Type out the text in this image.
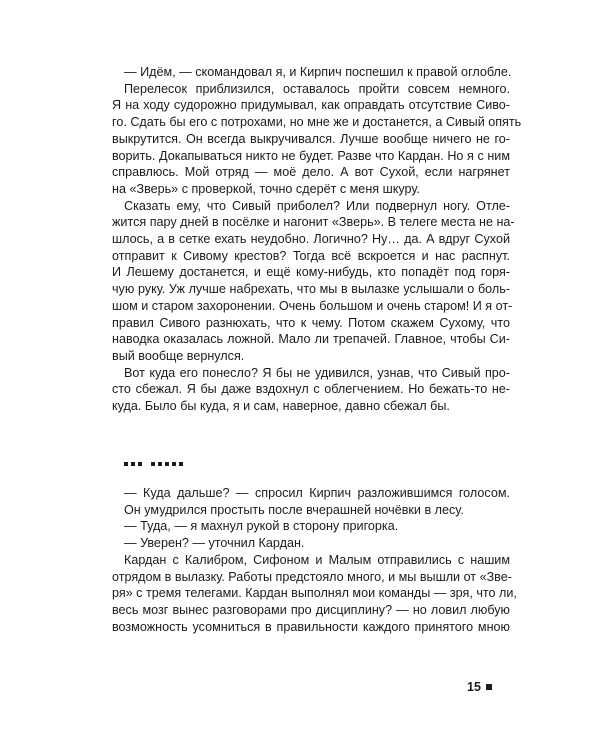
— Идём, — скомандовал я, и Кирпич поспешил к правой оглобле.
Перелесок приблизился, оставалось пройти совсем немного.
Я на ходу судорожно придумывал, как оправдать отсутствие Сиво-
го. Сдать бы его с потрохами, но мне же и достанется, а Сивый опять
выкрутится. Он всегда выкручивался. Лучше вообще ничего не го-
ворить. Докапываться никто не будет. Разве что Кардан. Но я с ним
справлюсь. Мой отряд — моё дело. А вот Сухой, если нагрянет
на «Зверь» с проверкой, точно сдерёт с меня шкуру.
Сказать ему, что Сивый приболел? Или подвернул ногу. Отле-
жится пару дней в посёлке и нагонит «Зверь». В телеге места не на-
шлось, а в сетке ехать неудобно. Логично? Ну… да. А вдруг Сухой
отправит к Сивому крестов? Тогда всё вскроется и нас распнут.
И Лешему достанется, и ещё кому-нибудь, кто попадёт под горя-
чую руку. Уж лучше набрехать, что мы в вылазке услышали о боль-
шом и старом захоронении. Очень большом и очень старом! И я от-
правил Сивого разнюхать, что к чему. Потом скажем Сухому, что
наводка оказалась ложной. Мало ли трепачей. Главное, чтобы Си-
вый вообще вернулся.
Вот куда его понесло? Я бы не удивился, узнав, что Сивый про-
сто сбежал. Я бы даже вздохнул с облегчением. Но бежать-то не-
куда. Было бы куда, я и сам, наверное, давно сбежал бы.
— Куда дальше? — спросил Кирпич разложившимся голосом.
Он умудрился простыть после вчерашней ночёвки в лесу.
— Туда, — я махнул рукой в сторону пригорка.
— Уверен? — уточнил Кардан.
Кардан с Калибром, Сифоном и Малым отправились с нашим
отрядом в вылазку. Работы предстояло много, и мы вышли от «Зве-
ря» с тремя телегами. Кардан выполнял мои команды — зря, что ли,
весь мозг вынес разговорами про дисциплину? — но ловил любую
возможность усомниться в правильности каждого принятого мною
15
